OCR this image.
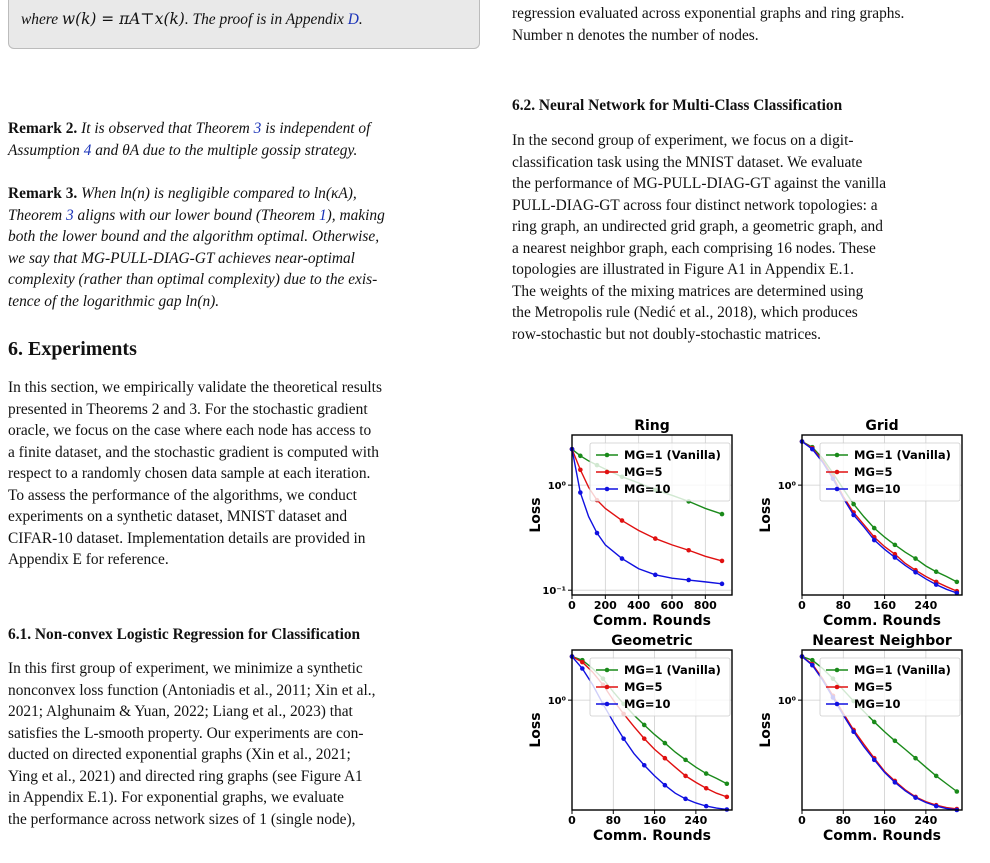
where w(k) = πA⊤x(k). The proof is in Appendix D.

Remark 2. It is observed that Theorem 3 is independent of
Assumption 4 and θA due to the multiple gossip strategy.

Remark 3. When ln(n) is negligible compared to ln(κA),
Theorem 3 aligns with our lower bound (Theorem 1), making
both the lower bound and the algorithm optimal. Otherwise,
we say that MG-PULL-DIAG-GT achieves near-optimal
complexity (rather than optimal complexity) due to the exis-
tence of the logarithmic gap ln(n).

6. Experiments

In this section, we empirically validate the theoretical results
presented in Theorems 2 and 3. For the stochastic gradient
oracle, we focus on the case where each node has access to
a finite dataset, and the stochastic gradient is computed with
respect to a randomly chosen data sample at each iteration.
To assess the performance of the algorithms, we conduct
experiments on a synthetic dataset, MNIST dataset and
CIFAR-10 dataset. Implementation details are provided in
Appendix E for reference.

6.1. Non-convex Logistic Regression for Classification

In this first group of experiment, we minimize a synthetic
nonconvex loss function (Antoniadis et al., 2011; Xin et al.,
2021; Alghunaim & Yuan, 2022; Liang et al., 2023) that
satisfies the L-smooth property. Our experiments are con-
ducted on directed exponential graphs (Xin et al., 2021;
Ying et al., 2021) and directed ring graphs (see Figure A1
in Appendix E.1). For exponential graphs, we evaluate
the performance across network sizes of 1 (single node),

regression evaluated across exponential graphs and ring graphs.
Number n denotes the number of nodes.

6.2. Neural Network for Multi-Class Classification

In the second group of experiment, we focus on a digit-
classification task using the MNIST dataset. We evaluate
the performance of MG-PULL-DIAG-GT against the vanilla
PULL-DIAG-GT across four distinct network topologies: a
ring graph, an undirected grid graph, a geometric graph, and
a nearest neighbor graph, each comprising 16 nodes. These
topologies are illustrated in Figure A1 in Appendix E.1.
The weights of the mixing matrices are determined using
the Metropolis rule (Nedić et al., 2018), which produces
row-stochastic but not doubly-stochastic matrices.

0 200 400 600 800
10⁻¹
10⁰
Ring
Comm. Rounds
Loss
MG=1 (Vanilla)
MG=5
MG=10
0	80 160 240
10⁰
Grid
Comm. Rounds
Loss
MG=1 (Vanilla)
MG=5
MG=10
0	80 160 240
10⁰
Geometric
Comm. Rounds
Loss
MG=1 (Vanilla)
MG=5
MG=10
0	80 160 240
10⁰
Nearest Neighbor
Comm. Rounds
Loss
MG=1 (Vanilla)
MG=5
MG=10
